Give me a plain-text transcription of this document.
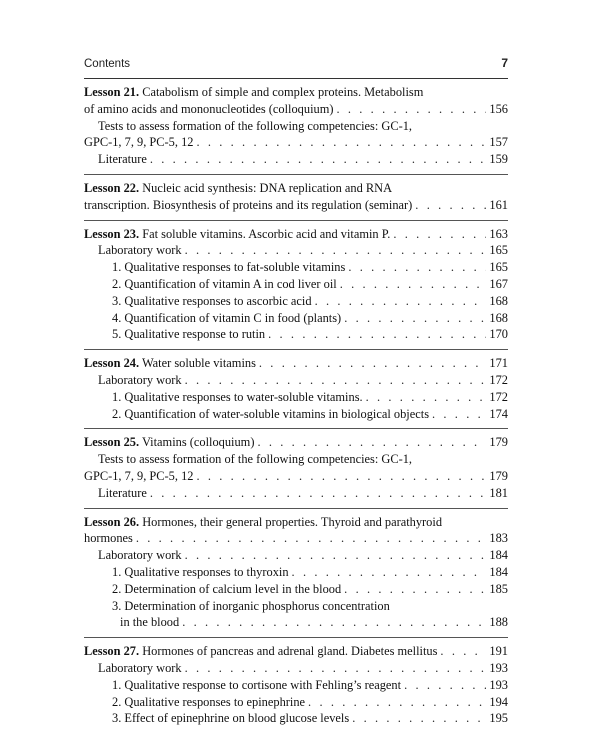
Contents	7
Lesson 21. Catabolism of simple and complex proteins. Metabolism
of amino acids and mononucleotides (colloquium) . . .	156
Tests to assess formation of the following competencies: GC-1,
GPC-1, 7, 9, PC-5, 12 . . .	157
Literature . . .	159
Lesson 22. Nucleic acid synthesis: DNA replication and RNA
transcription. Biosynthesis of proteins and its regulation (seminar) . . .	161
Lesson 23. Fat soluble vitamins. Ascorbic acid and vitamin P. . . .	163
Laboratory work . . .	165
1. Qualitative responses to fat-soluble vitamins . . .	165
2. Quantification of vitamin A in cod liver oil . . .	167
3. Qualitative responses to ascorbic acid . . .	168
4. Quantification of vitamin C in food (plants) . . .	168
5. Qualitative response to rutin . . .	170
Lesson 24. Water soluble vitamins . . .	171
Laboratory work . . .	172
1. Qualitative responses to water-soluble vitamins. . . .	172
2. Quantification of water-soluble vitamins in biological objects . . .	174
Lesson 25. Vitamins (colloquium) . . .	179
Tests to assess formation of the following competencies: GC-1,
GPC-1, 7, 9, PC-5, 12 . . .	179
Literature . . .	181
Lesson 26. Hormones, their general properties. Thyroid and parathyroid
hormones . . .	183
Laboratory work . . .	184
1. Qualitative responses to thyroxin . . .	184
2. Determination of calcium level in the blood . . .	185
3. Determination of inorganic phosphorus concentration
in the blood . . .	188
Lesson 27. Hormones of pancreas and adrenal gland. Diabetes mellitus . . .	191
Laboratory work . . .	193
1. Qualitative response to cortisone with Fehling’s reagent . . .	193
2. Qualitative responses to epinephrine . . .	194
3. Effect of epinephrine on blood glucose levels . . .	195
